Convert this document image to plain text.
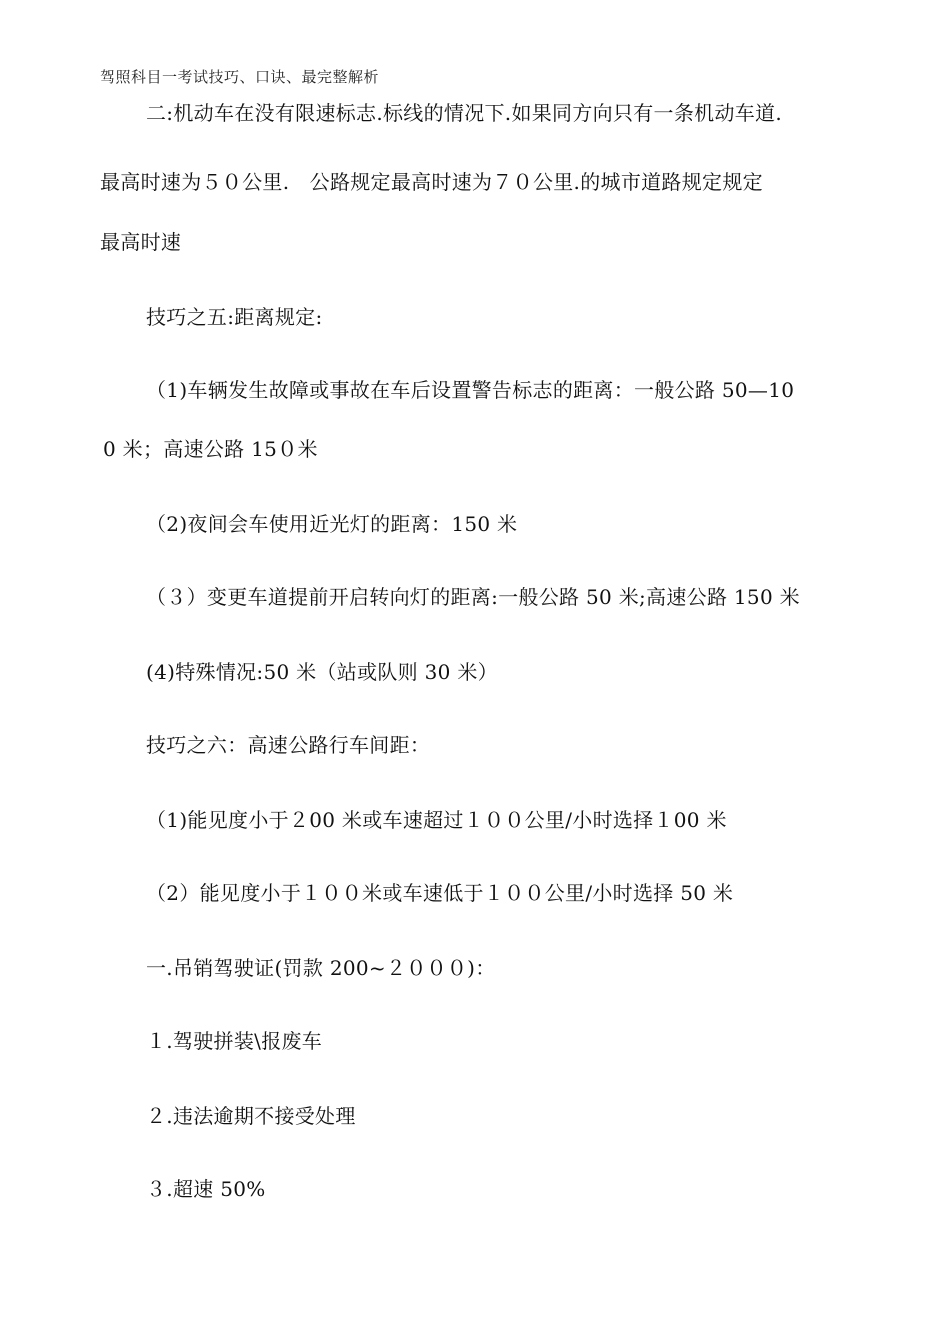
驾照科目一考试技巧、口诀、最完整解析
二:机动车在没有限速标志.标线的情况下.如果同方向只有一条机动车道.
最高时速为５０公里.　公路规定最高时速为７０公里.的城市道路规定规定
最高时速
技巧之五:距离规定:
（1)车辆发生故障或事故在车后设置警告标志的距离：一般公路 50—10
0 米；高速公路 15０米
（2)夜间会车使用近光灯的距离：150 米
（３）变更车道提前开启转向灯的距离:一般公路 50 米;高速公路 150 米
(4)特殊情况:50 米（站或队则 30 米）
技巧之六：高速公路行车间距：
（1)能见度小于２00 米或车速超过１００公里/小时选择１00 米
（2）能见度小于１００米或车速低于１００公里/小时选择 50 米
一.吊销驾驶证(罚款 200~２０００)：
１.驾驶拼装\报废车
２.违法逾期不接受处理
３.超速 50%
